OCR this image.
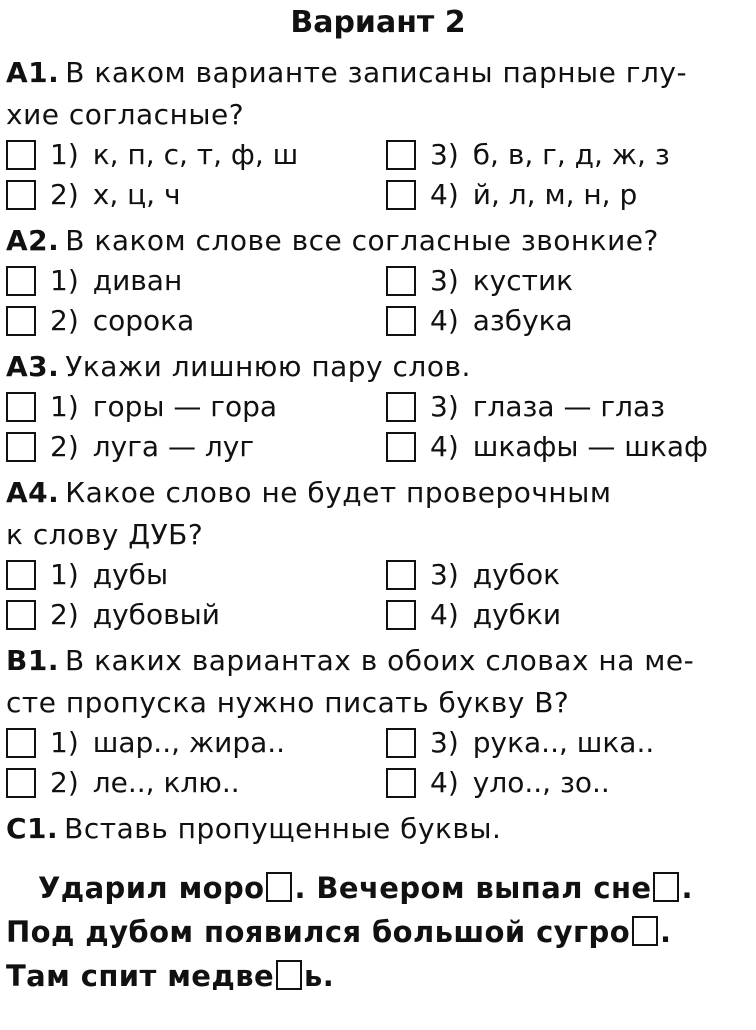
Вариант 2
А1. В каком варианте записаны парные глу-
хие согласные?
1) к, п, с, т, ф, ш	3) б, в, г, д, ж, з
2) х, ц, ч	4) й, л, м, н, р
А2. В каком слове все согласные звонкие?
1) диван	3) кустик
2) сорока	4) азбука
А3. Укажи лишнюю пару слов.
1) горы — гора	3) глаза — глаз
2) луга — луг	4) шкафы — шкаф
А4. Какое слово не будет проверочным
к слову ДУБ?
1) дубы	3) дубок
2) дубовый	4) дубки
В1. В каких вариантах в обоих словах на ме-
сте пропуска нужно писать букву В?
1) шар.., жира..	3) рука.., шка..
2) ле.., клю..	4) уло.., зо..
С1. Вставь пропущенные буквы.
Ударил моро . Вечером выпал сне .
Под дубом появился большой сугро .
Там спит медве ь.
